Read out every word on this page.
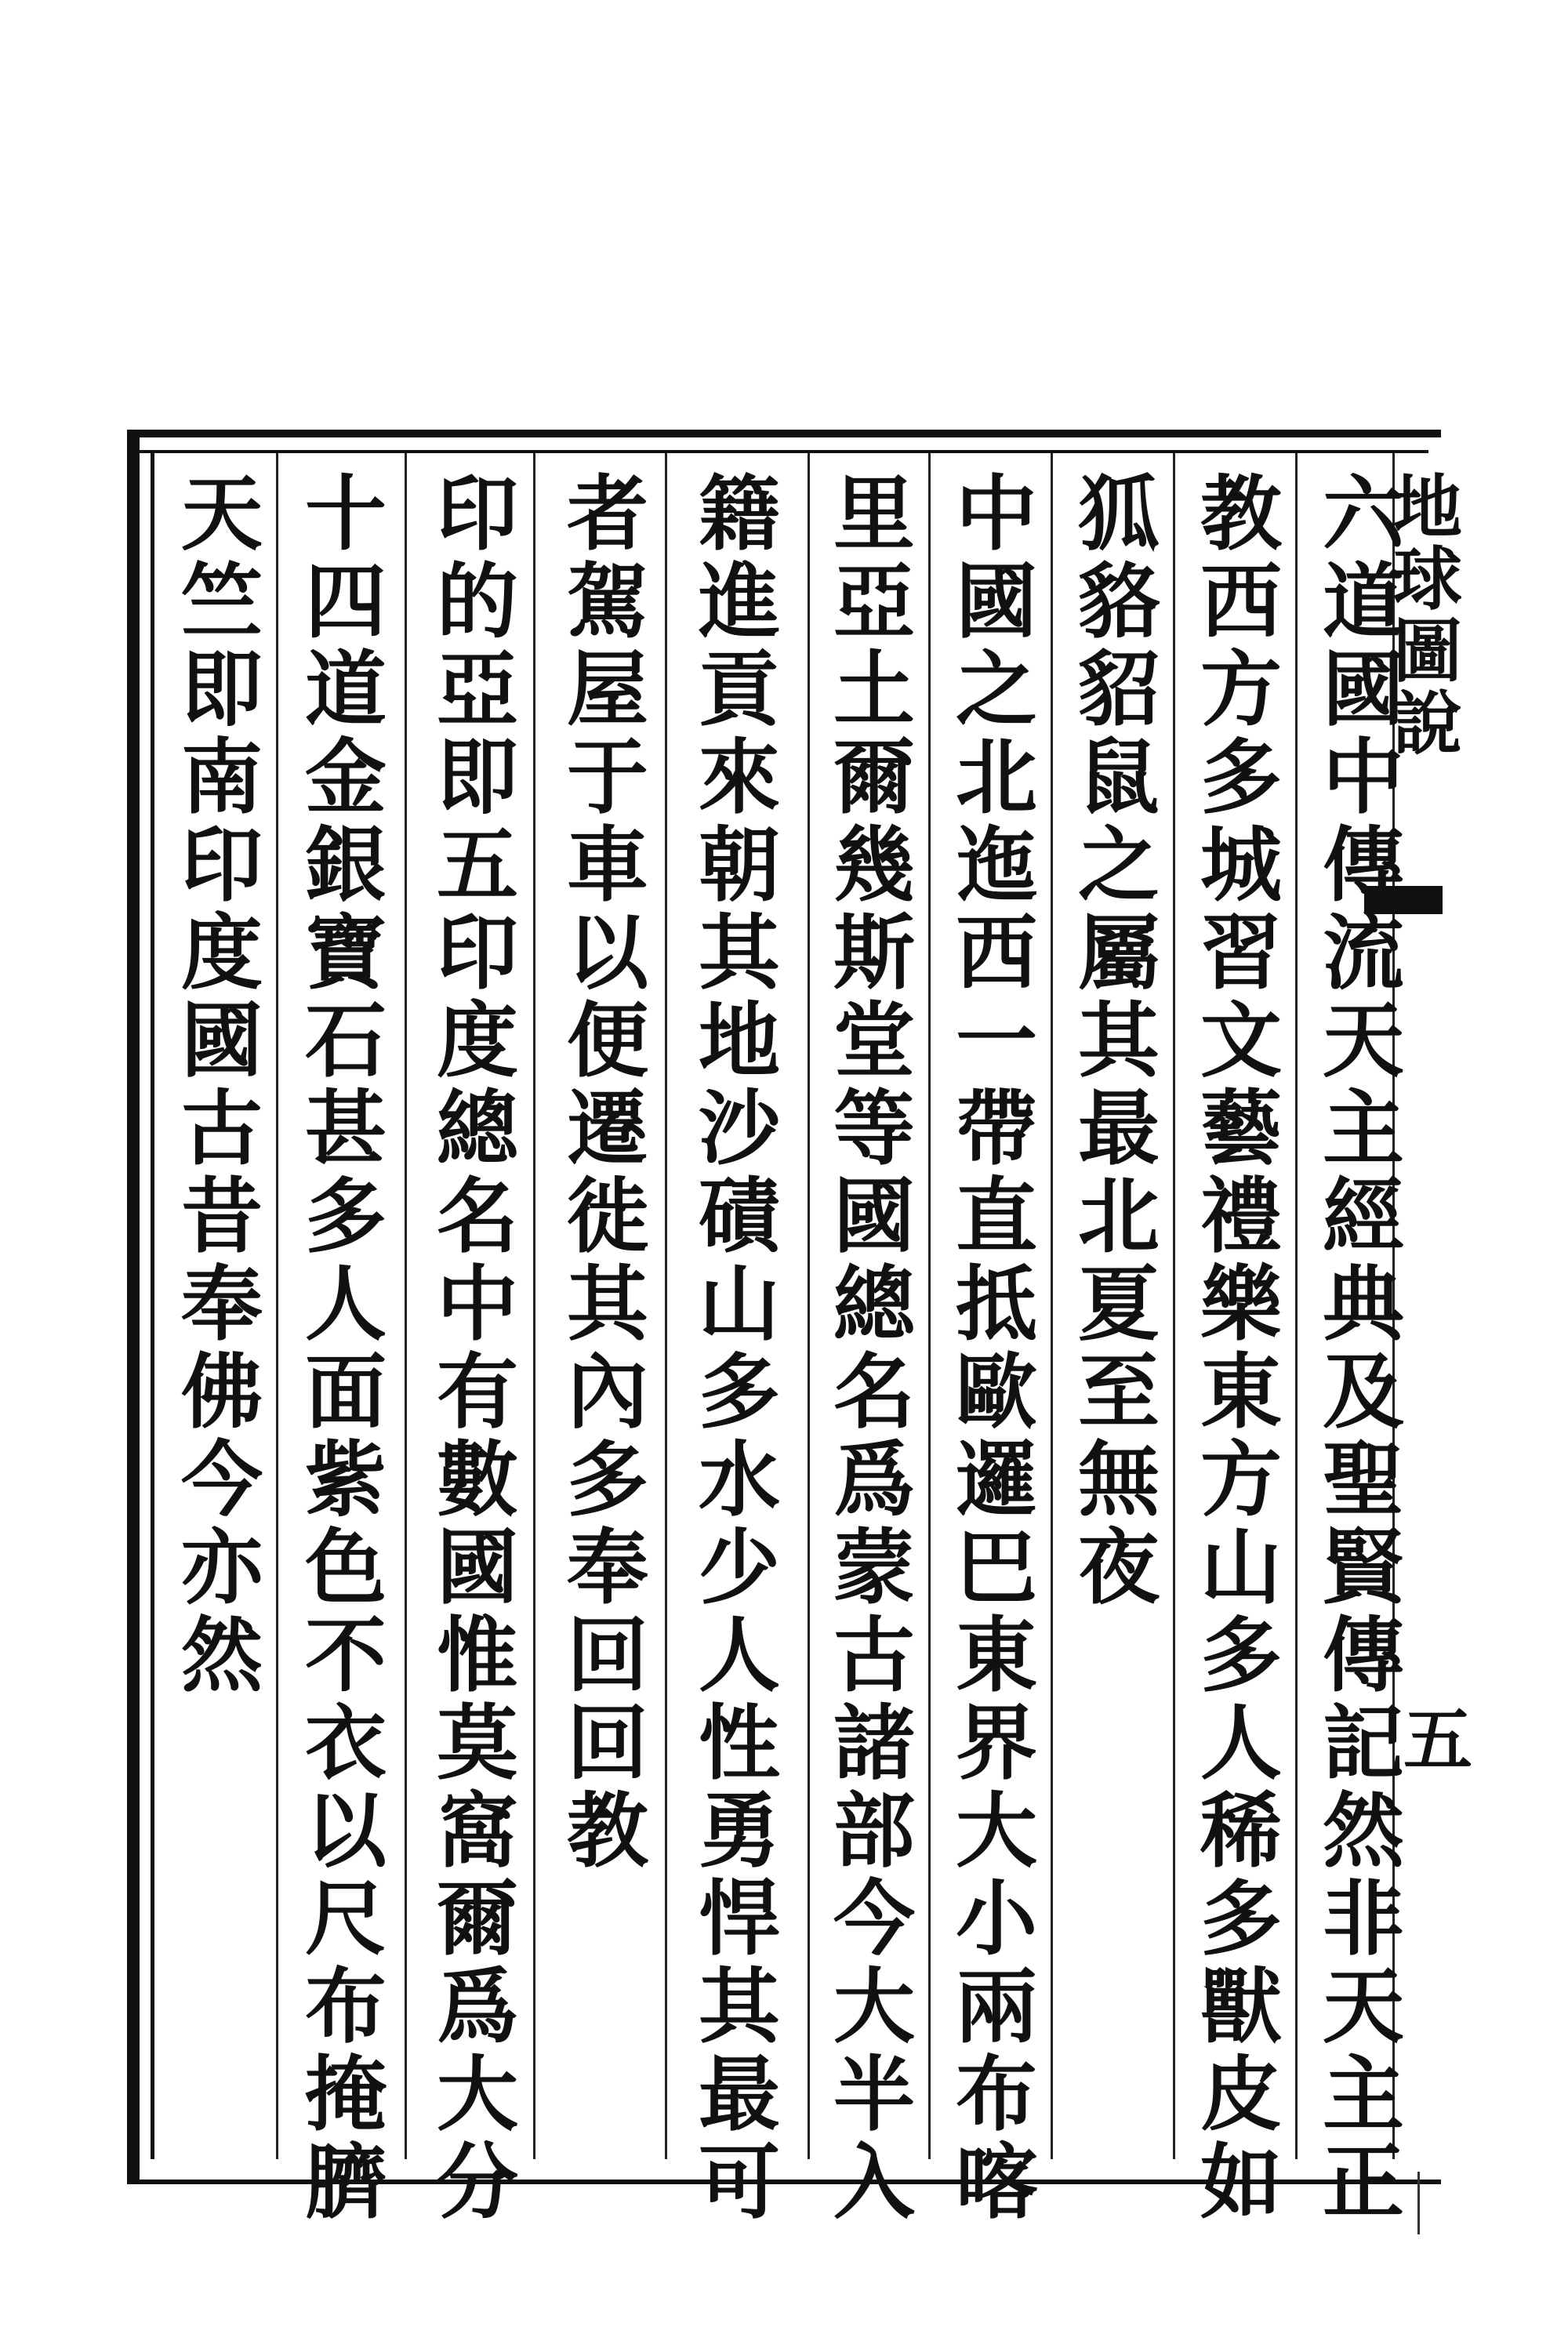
地球圖說
五
六道國中傳流天主經典及聖賢傳記然非天主正
教西方多城習文藝禮樂東方山多人稀多獸皮如
狐貉貂鼠之屬其最北夏至無夜
中國之北迤西一帶直抵歐邏巴東界大小兩布喀
里亞土爾幾斯堂等國總名爲蒙古諸部今大半入
籍進貢來朝其地沙磧山多水少人性勇悍其最可
者駕屋于車以便遷徙其內多奉回回教
印的亞即五印度總名中有數國惟莫窩爾爲大分
十四道金銀寶石甚多人面紫色不衣以尺布掩臍
天竺即南印度國古昔奉佛今亦然
